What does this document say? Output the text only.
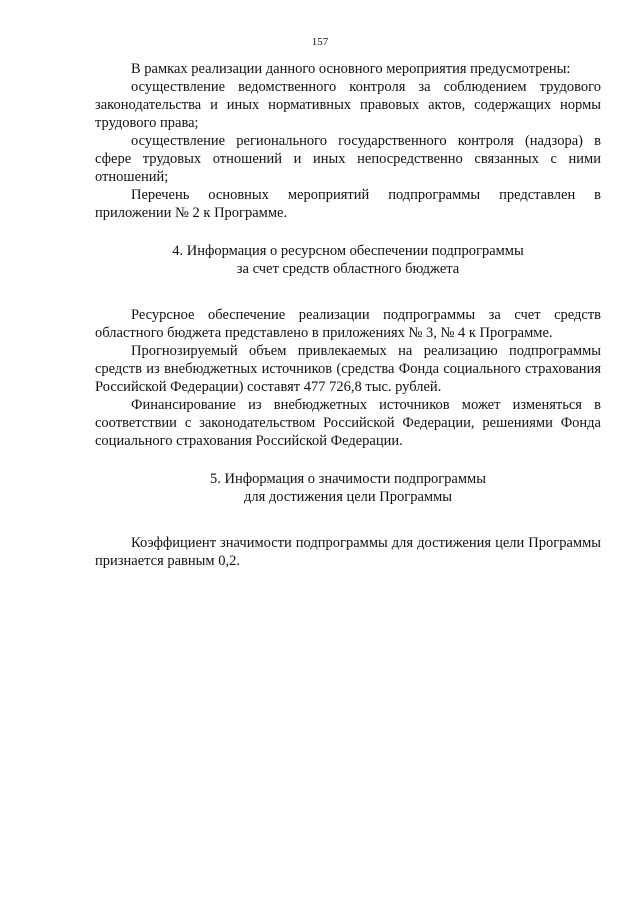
157

В рамках реализации данного основного мероприятия предусмотрены:

осуществление ведомственного контроля за соблюдением трудового законодательства и иных нормативных правовых актов, содержащих нормы трудового права;

осуществление регионального государственного контроля (надзора) в сфере трудовых отношений и иных непосредственно связанных с ними отношений;

Перечень основных мероприятий подпрограммы представлен в приложении № 2 к Программе.

4. Информация о ресурсном обеспечении подпрограммы
за счет средств областного бюджета

Ресурсное обеспечение реализации подпрограммы за счет средств областного бюджета представлено в приложениях № 3, № 4 к Программе.

Прогнозируемый объем привлекаемых на реализацию подпрограммы средств из внебюджетных источников (средства Фонда социального страхования Российской Федерации) составят 477 726,8 тыс. рублей.

Финансирование из внебюджетных источников может изменяться в соответствии с законодательством Российской Федерации, решениями Фонда социального страхования Российской Федерации.

5. Информация о значимости подпрограммы
для достижения цели Программы

Коэффициент значимости подпрограммы для достижения цели Программы признается равным 0,2.
